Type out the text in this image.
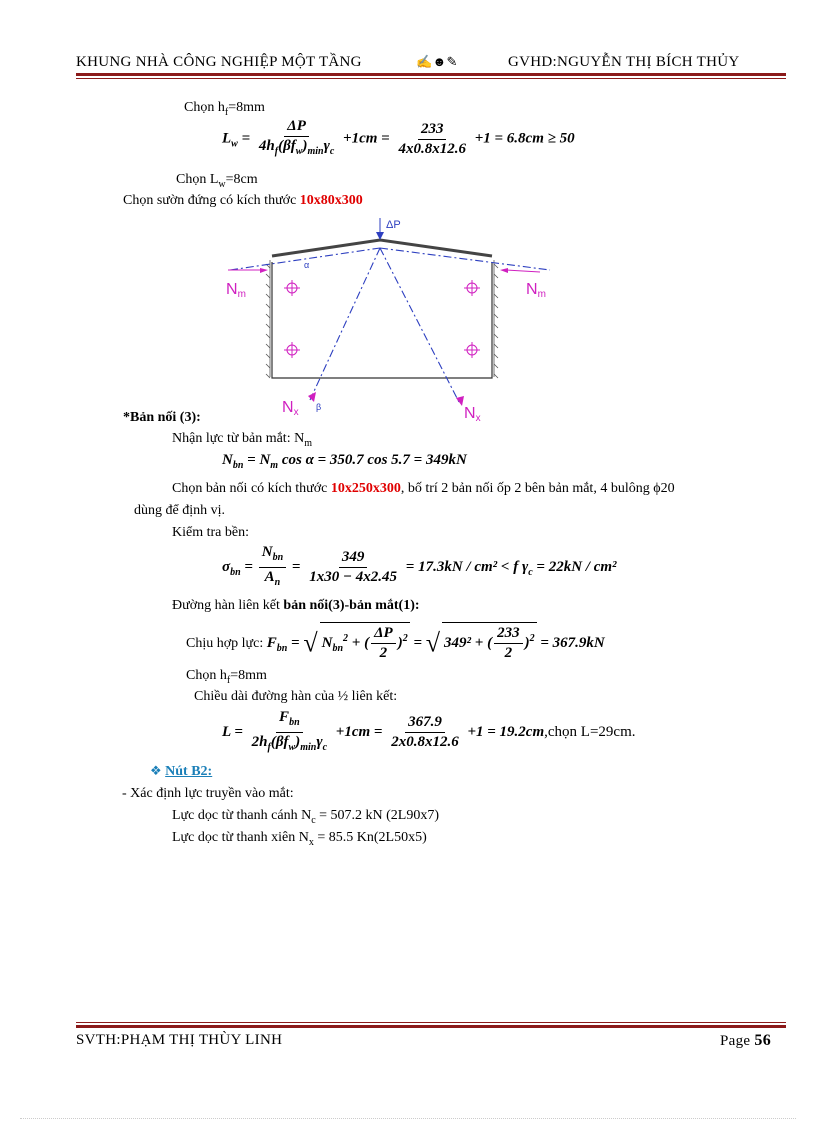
KHUNG NHÀ CÔNG NGHIỆP MỘT TẦNG	✍☻✎	GVHD:NGUYỄN THỊ BÍCH THỦY
Chọn $h_f=8mm$
$L_w = \frac{\Delta P}{4h_f(\beta f_w)_{min}\gamma_c} +1cm = \frac{233}{4x0.8x12.6} +1 = 6.8cm \ge 50$
Chọn $L_w=8cm$
Chọn sườn đứng có kích thước 10x80x300
ΔP
Nm	Nm
α
Nx	Nx
β
*Bản nối (3):
Nhận lực từ bản mắt: $N_m$
$N_{bn} = N_m$ cos α = 350.7 cos 5.7 = 349kN
Chọn bản nối có kích thước 10x250x300, bố trí 2 bản nối ốp 2 bên bản mắt, 4 bulông ϕ20
dùng để định vị.
Kiểm tra bền:
$\sigma_{bn} = \frac{N_{bn}}{A_n} = \frac{349}{1x30 - 4x2.45} = 17.3kN / cm^2 < f$ $\gamma_c = 22kN / cm^2$
Đường hàn liên kết bản nối(3)-bản mắt(1):
Chịu hợp lực: $F_{bn}$ = √ $N_{bn}^2$ + ( $\frac{\Delta P}{2} )^2$ = √ 349² + ( $\frac{233}{2} )^2 = 367.9kN$
Chọn $h_f=8mm$
Chiều dài đường hàn của ½ liên kết:
$L = \frac{F_{bn}}{2h_f(\beta f_w)_{min}\gamma_c} +1cm = \frac{367.9}{2x0.8x12.6} +1$ = 19.2cm,chọn L=29cm.
❖ Nút B2:
- Xác định lực truyền vào mắt:
Lực dọc từ thanh cánh $N_c = 507.2$ kN (2L90x7)
Lực dọc từ thanh xiên $N_x = 85.5$ Kn(2L50x5)
SVTH:PHẠM THỊ THÙY LINH	Page 56
